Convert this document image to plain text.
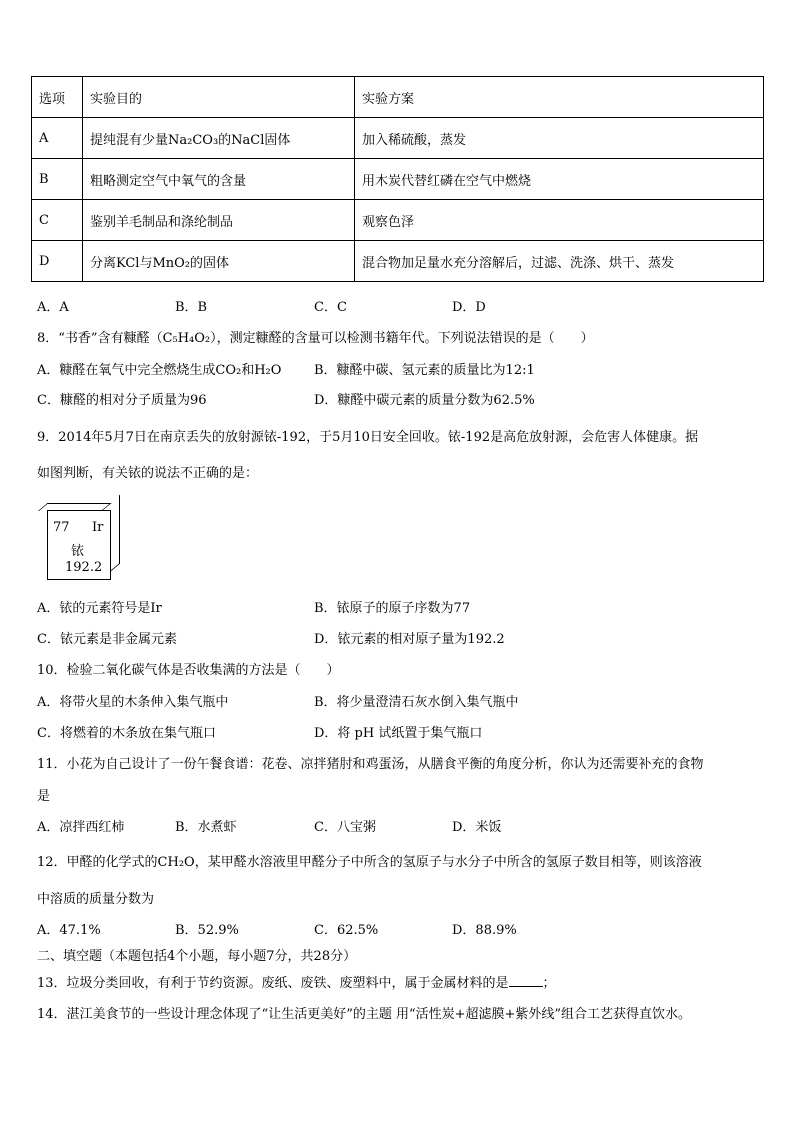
选项	实验目的	实验方案
A	提纯混有少量Na₂CO₃的NaCl固体	加入稀硫酸，蒸发
B	粗略测定空气中氧气的含量	用木炭代替红磷在空气中燃烧
C	鉴别羊毛制品和涤纶制品	观察色泽
D	分离KCl与MnO₂的固体	混合物加足量水充分溶解后，过滤、洗涤、烘干、蒸发
A．A	B．B	C．C	D．D
8．“书香”含有糠醛（C₅H₄O₂），测定糠醛的含量可以检测书籍年代。下列说法错误的是（　　）
A．糠醛在氧气中完全燃烧生成CO₂和H₂O	B．糠醛中碳、氢元素的质量比为12:1
C．糠醛的相对分子质量为96	D．糠醛中碳元素的质量分数为62.5%
9．2014年5月7日在南京丢失的放射源铱-192，于5月10日安全回收。铱-192是高危放射源，会危害人体健康。据
如图判断，有关铱的说法不正确的是：
77 Ir
铱
192.2
A．铱的元素符号是Ir	B．铱原子的原子序数为77
C．铱元素是非金属元素	D．铱元素的相对原子量为192.2
10．检验二氧化碳气体是否收集满的方法是（　　）
A．将带火星的木条伸入集气瓶中	B．将少量澄清石灰水倒入集气瓶中
C．将燃着的木条放在集气瓶口	D．将 pH 试纸置于集气瓶口
11．小花为自己设计了一份午餐食谱：花卷、凉拌猪肘和鸡蛋汤，从膳食平衡的角度分析，你认为还需要补充的食物
是
A．凉拌西红柿	B．水煮虾	C．八宝粥	D．米饭
12．甲醛的化学式的CH₂O，某甲醛水溶液里甲醛分子中所含的氢原子与水分子中所含的氢原子数目相等，则该溶液
中溶质的质量分数为
A．47.1%	B．52.9%	C．62.5%	D．88.9%
二、填空题（本题包括4个小题，每小题7分，共28分）
13．垃圾分类回收，有利于节约资源。废纸、废铁、废塑料中，属于金属材料的是	；
14．湛江美食节的一些设计理念体现了“让生活更美好”的主题 用“活性炭+超滤膜+紫外线”组合工艺获得直饮水。
